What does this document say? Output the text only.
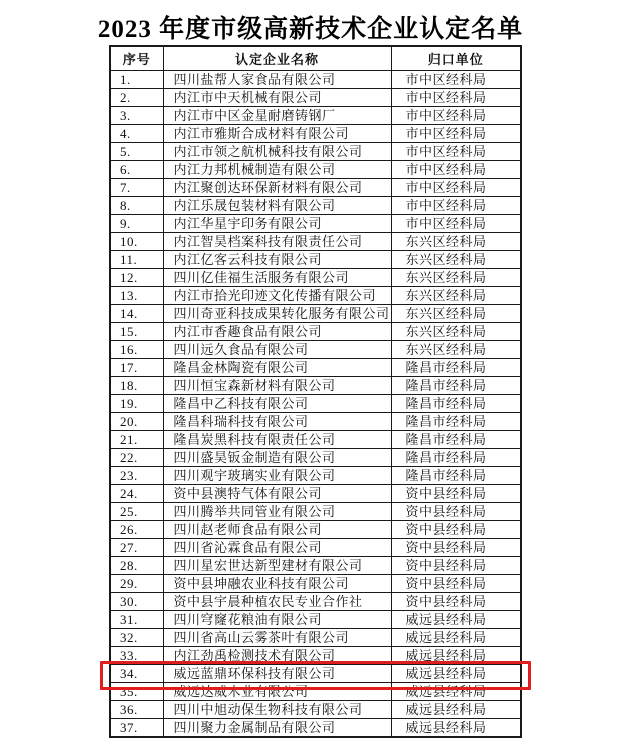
2023 年度市级高新技术企业认定名单
序号	认定企业名称	归口单位
1.	四川盐帮人家食品有限公司	市中区经科局
2.	内江市中天机械有限公司	市中区经科局
3.	内江市中区金星耐磨铸钢厂	市中区经科局
4.	内江市雅斯合成材料有限公司	市中区经科局
5.	内江市领之航机械科技有限公司	市中区经科局
6.	内江力邦机械制造有限公司	市中区经科局
7.	内江聚创达环保新材料有限公司	市中区经科局
8.	内江乐晟包装材料有限公司	市中区经科局
9.	内江华星宇印务有限公司	市中区经科局
10.	内江智昊档案科技有限责任公司	东兴区经科局
11.	内江亿客云科技有限公司	东兴区经科局
12.	四川亿佳福生活服务有限公司	东兴区经科局
13.	内江市拾光印迹文化传播有限公司	东兴区经科局
14.	四川奇亚科技成果转化服务有限公司	东兴区经科局
15.	内江市香趣食品有限公司	东兴区经科局
16.	四川远久食品有限公司	东兴区经科局
17.	隆昌金林陶瓷有限公司	隆昌市经科局
18.	四川恒宝森新材料有限公司	隆昌市经科局
19.	隆昌中乙科技有限公司	隆昌市经科局
20.	隆昌科瑞科技有限公司	隆昌市经科局
21.	隆昌炭黑科技有限责任公司	隆昌市经科局
22.	四川盛昊钣金制造有限公司	隆昌市经科局
23.	四川观宇玻璃实业有限公司	隆昌市经科局
24.	资中县澳特气体有限公司	资中县经科局
25.	四川腾举共同管业有限公司	资中县经科局
26.	四川赵老师食品有限公司	资中县经科局
27.	四川省沁霖食品有限公司	资中县经科局
28.	四川星宏世达新型建材有限公司	资中县经科局
29.	资中县坤融农业科技有限公司	资中县经科局
30.	资中县宇晨种植农民专业合作社	资中县经科局
31.	四川穹窿花粮油有限公司	威远县经科局
32.	四川省高山云雾茶叶有限公司	威远县经科局
33.	内江劲禹检测技术有限公司	威远县经科局
34.	威远蓝鼎环保科技有限公司	威远县经科局
35.	威远达威木业有限公司	威远县经科局
36.	四川中旭动保生物科技有限公司	威远县经科局
37.	四川聚力金属制品有限公司	威远县经科局
